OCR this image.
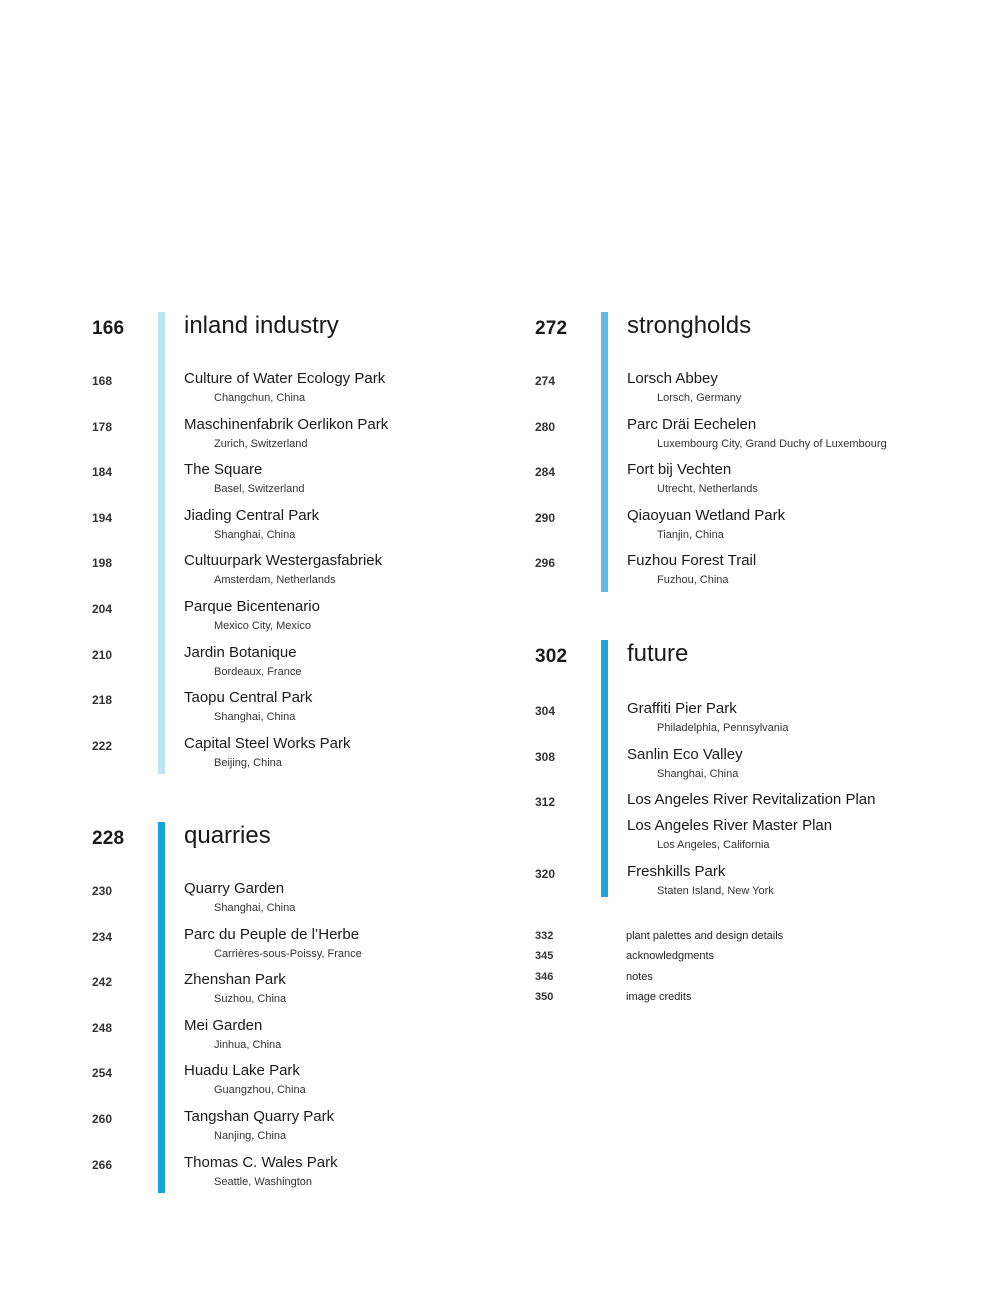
166 inland industry
168	Culture of Water Ecology Park
Changchun, China
178	Maschinenfabrik Oerlikon Park
Zurich, Switzerland
184	The Square
Basel, Switzerland
194	Jiading Central Park
Shanghai, China
198	Cultuurpark Westergasfabriek
Amsterdam, Netherlands
204	Parque Bicentenario
Mexico City, Mexico
210	Jardin Botanique
Bordeaux, France
218	Taopu Central Park
Shanghai, China
222	Capital Steel Works Park
Beijing, China
228 quarries
230	Quarry Garden
Shanghai, China
234	Parc du Peuple de l’Herbe
Carrières-sous-Poissy, France
242	Zhenshan Park
Suzhou, China
248	Mei Garden
Jinhua, China
254	Huadu Lake Park
Guangzhou, China
260	Tangshan Quarry Park
Nanjing, China
266	Thomas C. Wales Park
Seattle, Washington
272 strongholds
274	Lorsch Abbey
Lorsch, Germany
280	Parc Dräi Eechelen
Luxembourg City, Grand Duchy of Luxembourg
284	Fort bij Vechten
Utrecht, Netherlands
290	Qiaoyuan Wetland Park
Tianjin, China
296	Fuzhou Forest Trail
Fuzhou, China
302 future
304	Graffiti Pier Park
Philadelphia, Pennsylvania
308	Sanlin Eco Valley
Shanghai, China
312	Los Angeles River Revitalization Plan
Los Angeles River Master Plan
Los Angeles, California
320	Freshkills Park
Staten Island, New York
332	plant palettes and design details
345	acknowledgments
346	notes
350	image credits
